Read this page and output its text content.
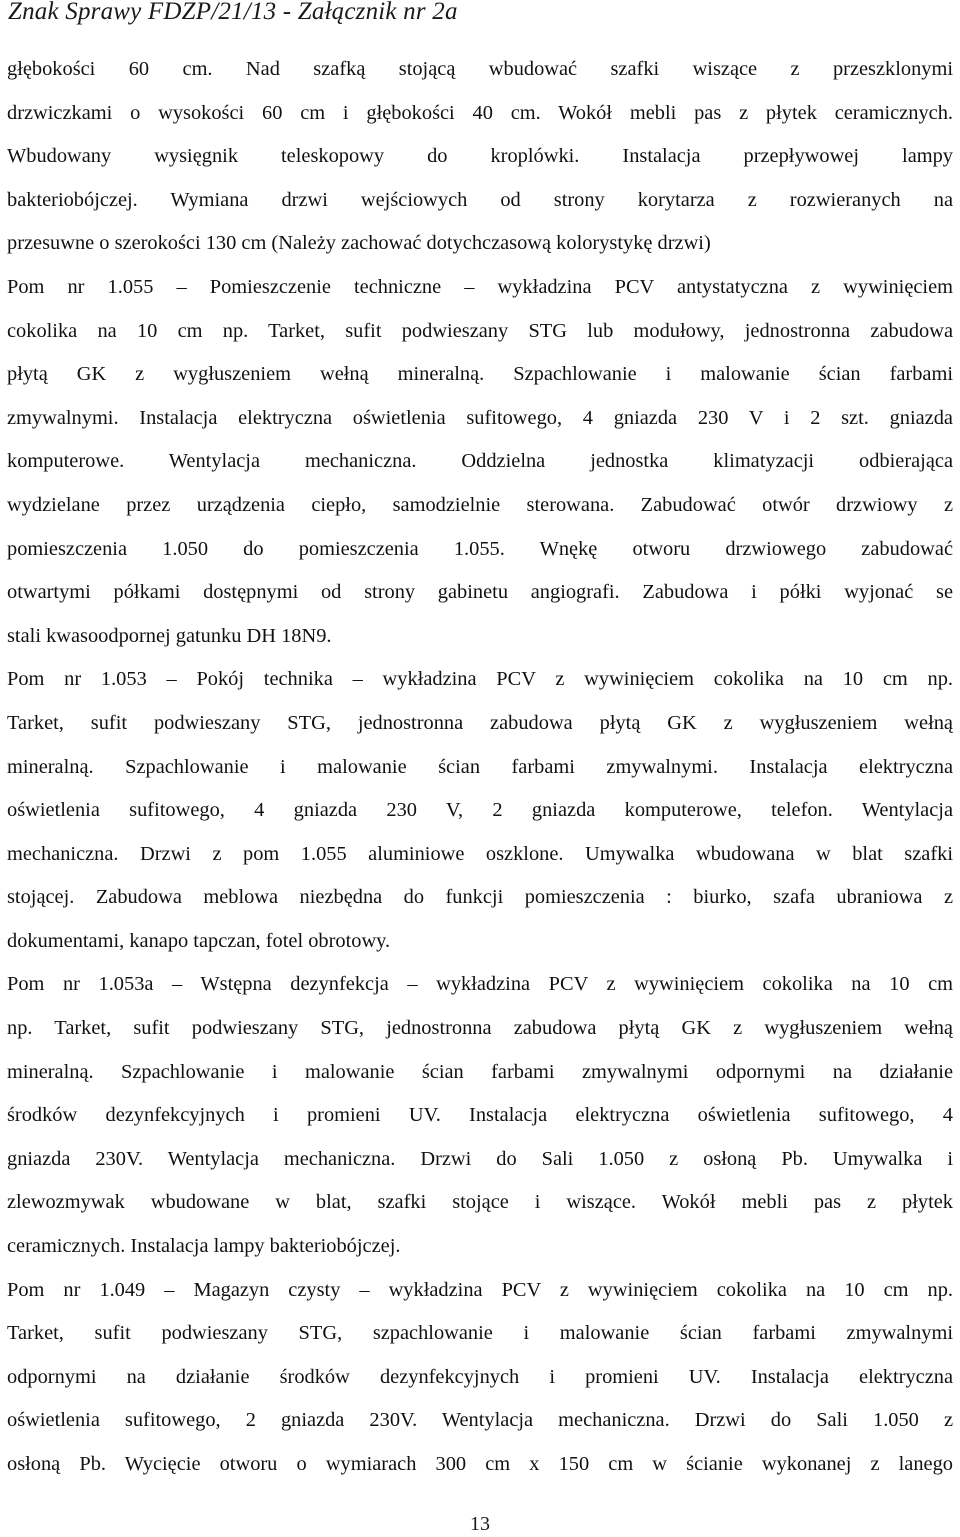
Znak Sprawy FDZP/21/13 - Załącznik nr 2a
głębokości 60 cm. Nad szafką stojącą wbudować szafki wiszące z przeszklonymi
drzwiczkami o wysokości 60 cm i głębokości 40 cm. Wokół mebli pas z płytek ceramicznych.
Wbudowany wysięgnik teleskopowy do kroplówki. Instalacja przepływowej lampy
bakteriobójczej. Wymiana drzwi wejściowych od strony korytarza z rozwieranych na
przesuwne o szerokości 130 cm (Należy zachować dotychczasową kolorystykę drzwi)
Pom nr 1.055 – Pomieszczenie techniczne – wykładzina PCV antystatyczna z wywinięciem
cokolika na 10 cm np. Tarket, sufit podwieszany STG lub modułowy, jednostronna zabudowa
płytą GK z wygłuszeniem wełną mineralną. Szpachlowanie i malowanie ścian farbami
zmywalnymi. Instalacja elektryczna oświetlenia sufitowego, 4 gniazda 230 V i 2 szt. gniazda
komputerowe. Wentylacja mechaniczna. Oddzielna jednostka klimatyzacji odbierająca
wydzielane przez urządzenia ciepło, samodzielnie sterowana. Zabudować otwór drzwiowy z
pomieszczenia 1.050 do pomieszczenia 1.055. Wnękę otworu drzwiowego zabudować
otwartymi półkami dostępnymi od strony gabinetu angiografi. Zabudowa i półki wyjonać se
stali kwasoodpornej gatunku DH 18N9.
Pom nr 1.053 – Pokój technika – wykładzina PCV z wywinięciem cokolika na 10 cm np.
Tarket, sufit podwieszany STG, jednostronna zabudowa płytą GK z wygłuszeniem wełną
mineralną. Szpachlowanie i malowanie ścian farbami zmywalnymi. Instalacja elektryczna
oświetlenia sufitowego, 4 gniazda 230 V, 2 gniazda komputerowe, telefon. Wentylacja
mechaniczna. Drzwi z pom 1.055 aluminiowe oszklone. Umywalka wbudowana w blat szafki
stojącej. Zabudowa meblowa niezbędna do funkcji pomieszczenia : biurko, szafa ubraniowa z
dokumentami, kanapo tapczan, fotel obrotowy.
Pom nr 1.053a – Wstępna dezynfekcja – wykładzina PCV z wywinięciem cokolika na 10 cm
np. Tarket, sufit podwieszany STG, jednostronna zabudowa płytą GK z wygłuszeniem wełną
mineralną. Szpachlowanie i malowanie ścian farbami zmywalnymi odpornymi na działanie
środków dezynfekcyjnych i promieni UV. Instalacja elektryczna oświetlenia sufitowego, 4
gniazda 230V. Wentylacja mechaniczna. Drzwi do Sali 1.050 z osłoną Pb. Umywalka i
zlewozmywak wbudowane w blat, szafki stojące i wiszące. Wokół mebli pas z płytek
ceramicznych. Instalacja lampy bakteriobójczej.
Pom nr 1.049 – Magazyn czysty – wykładzina PCV z wywinięciem cokolika na 10 cm np.
Tarket, sufit podwieszany STG, szpachlowanie i malowanie ścian farbami zmywalnymi
odpornymi na działanie środków dezynfekcyjnych i promieni UV. Instalacja elektryczna
oświetlenia sufitowego, 2 gniazda 230V. Wentylacja mechaniczna. Drzwi do Sali 1.050 z
osłoną Pb. Wycięcie otworu o wymiarach 300 cm x 150 cm w ścianie wykonanej z lanego
13
